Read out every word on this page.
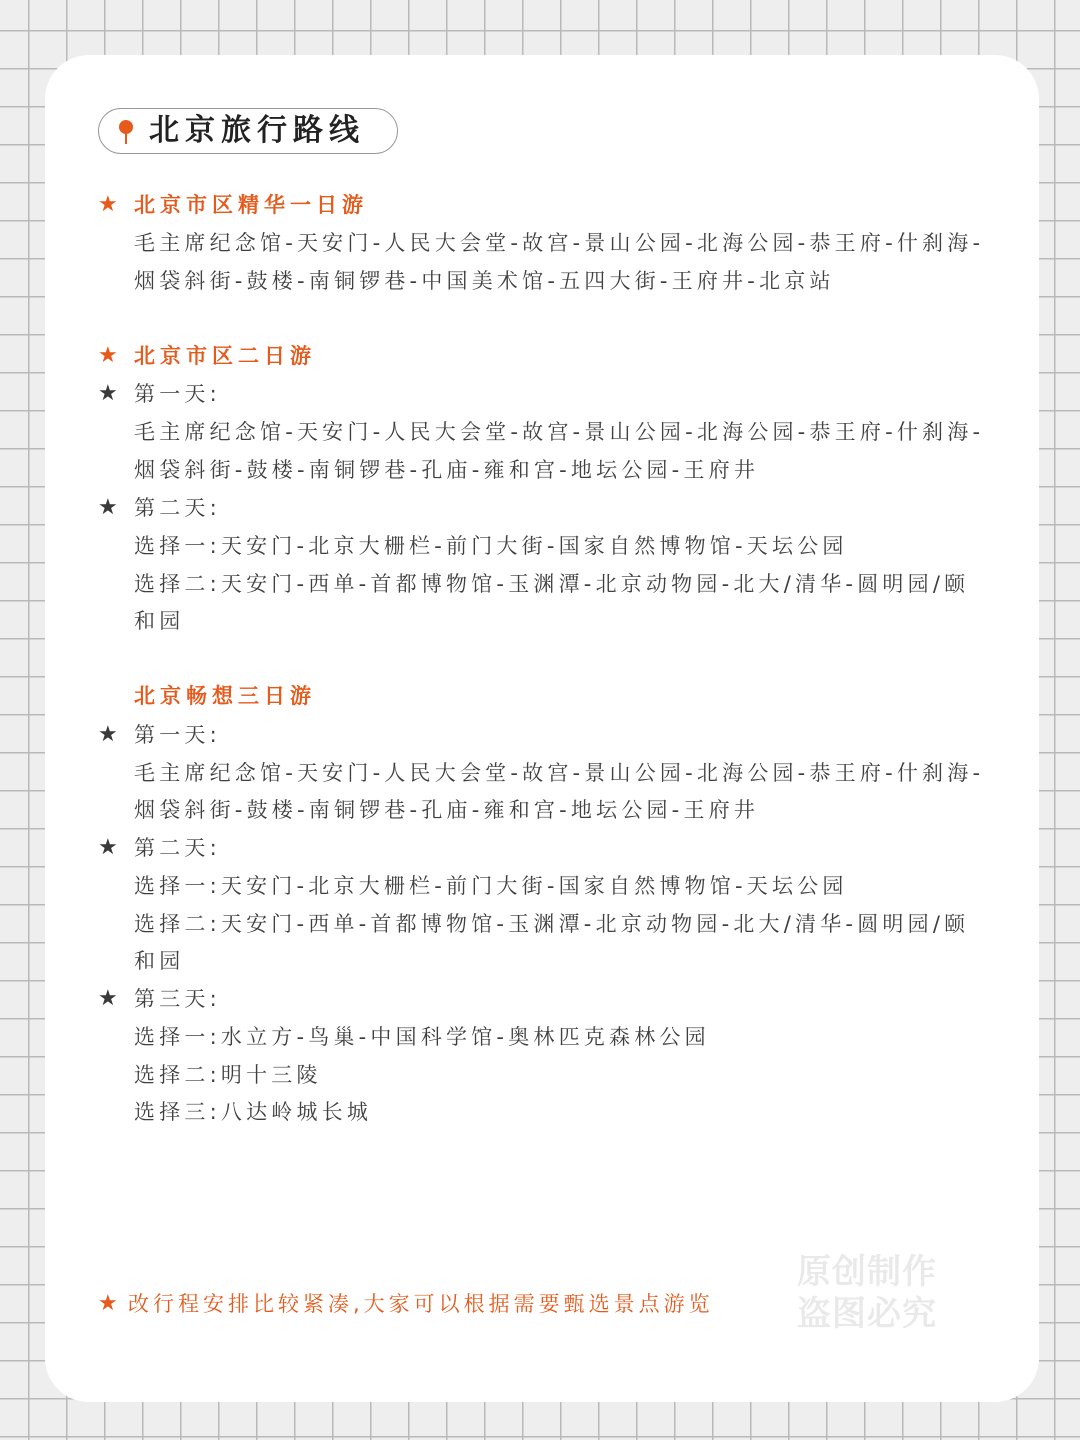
北京旅行路线
★ 北京市区精华一日游
毛主席纪念馆-天安门-人民大会堂-故宫-景山公园-北海公园-恭王府-什刹海-
烟袋斜街-鼓楼-南铜锣巷-中国美术馆-五四大街-王府井-北京站
★ 北京市区二日游
★ 第一天:
毛主席纪念馆-天安门-人民大会堂-故宫-景山公园-北海公园-恭王府-什刹海-
烟袋斜街-鼓楼-南铜锣巷-孔庙-雍和宫-地坛公园-王府井
★ 第二天:
选择一:天安门-北京大栅栏-前门大街-国家自然博物馆-天坛公园
选择二:天安门-西单-首都博物馆-玉渊潭-北京动物园-北大/清华-圆明园/颐
和园
北京畅想三日游
★ 第一天:
毛主席纪念馆-天安门-人民大会堂-故宫-景山公园-北海公园-恭王府-什刹海-
烟袋斜街-鼓楼-南铜锣巷-孔庙-雍和宫-地坛公园-王府井
★ 第二天:
选择一:天安门-北京大栅栏-前门大街-国家自然博物馆-天坛公园
选择二:天安门-西单-首都博物馆-玉渊潭-北京动物园-北大/清华-圆明园/颐
和园
★ 第三天:
选择一:水立方-鸟巢-中国科学馆-奥林匹克森林公园
选择二:明十三陵
选择三:八达岭城长城
原创制作
盗图必究
★ 改行程安排比较紧凑,大家可以根据需要甄选景点游览
